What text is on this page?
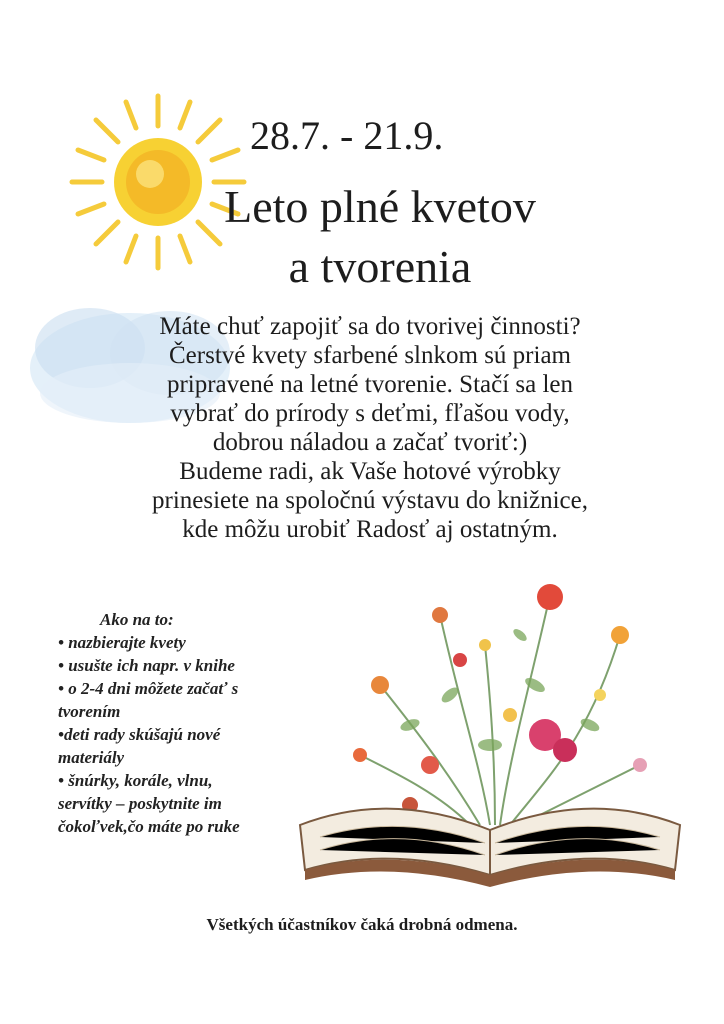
28.7. - 21.9.
Leto plné kvetov
a tvorenia
Máte chuť zapojiť sa do tvorivej činnosti?
Čerstvé kvety sfarbené slnkom sú priam
pripravené na letné tvorenie. Stačí sa len
vybrať do prírody s deťmi, fľašou vody,
dobrou náladou a začať tvoriť:)
Budeme radi, ak Vaše hotové výrobky
prinesiete na spoločnú výstavu do knižnice,
kde môžu urobiť Radosť aj ostatným.
Ako na to:
• nazbierajte kvety
• usušte ich napr. v knihe
• o 2-4 dni môžete začať s
tvorením
•deti rady skúšajú nové
materiály
• šnúrky, korále, vlnu,
servítky – poskytnite im
čokoľvek,čo máte po ruke
Všetkých účastníkov čaká drobná odmena.
